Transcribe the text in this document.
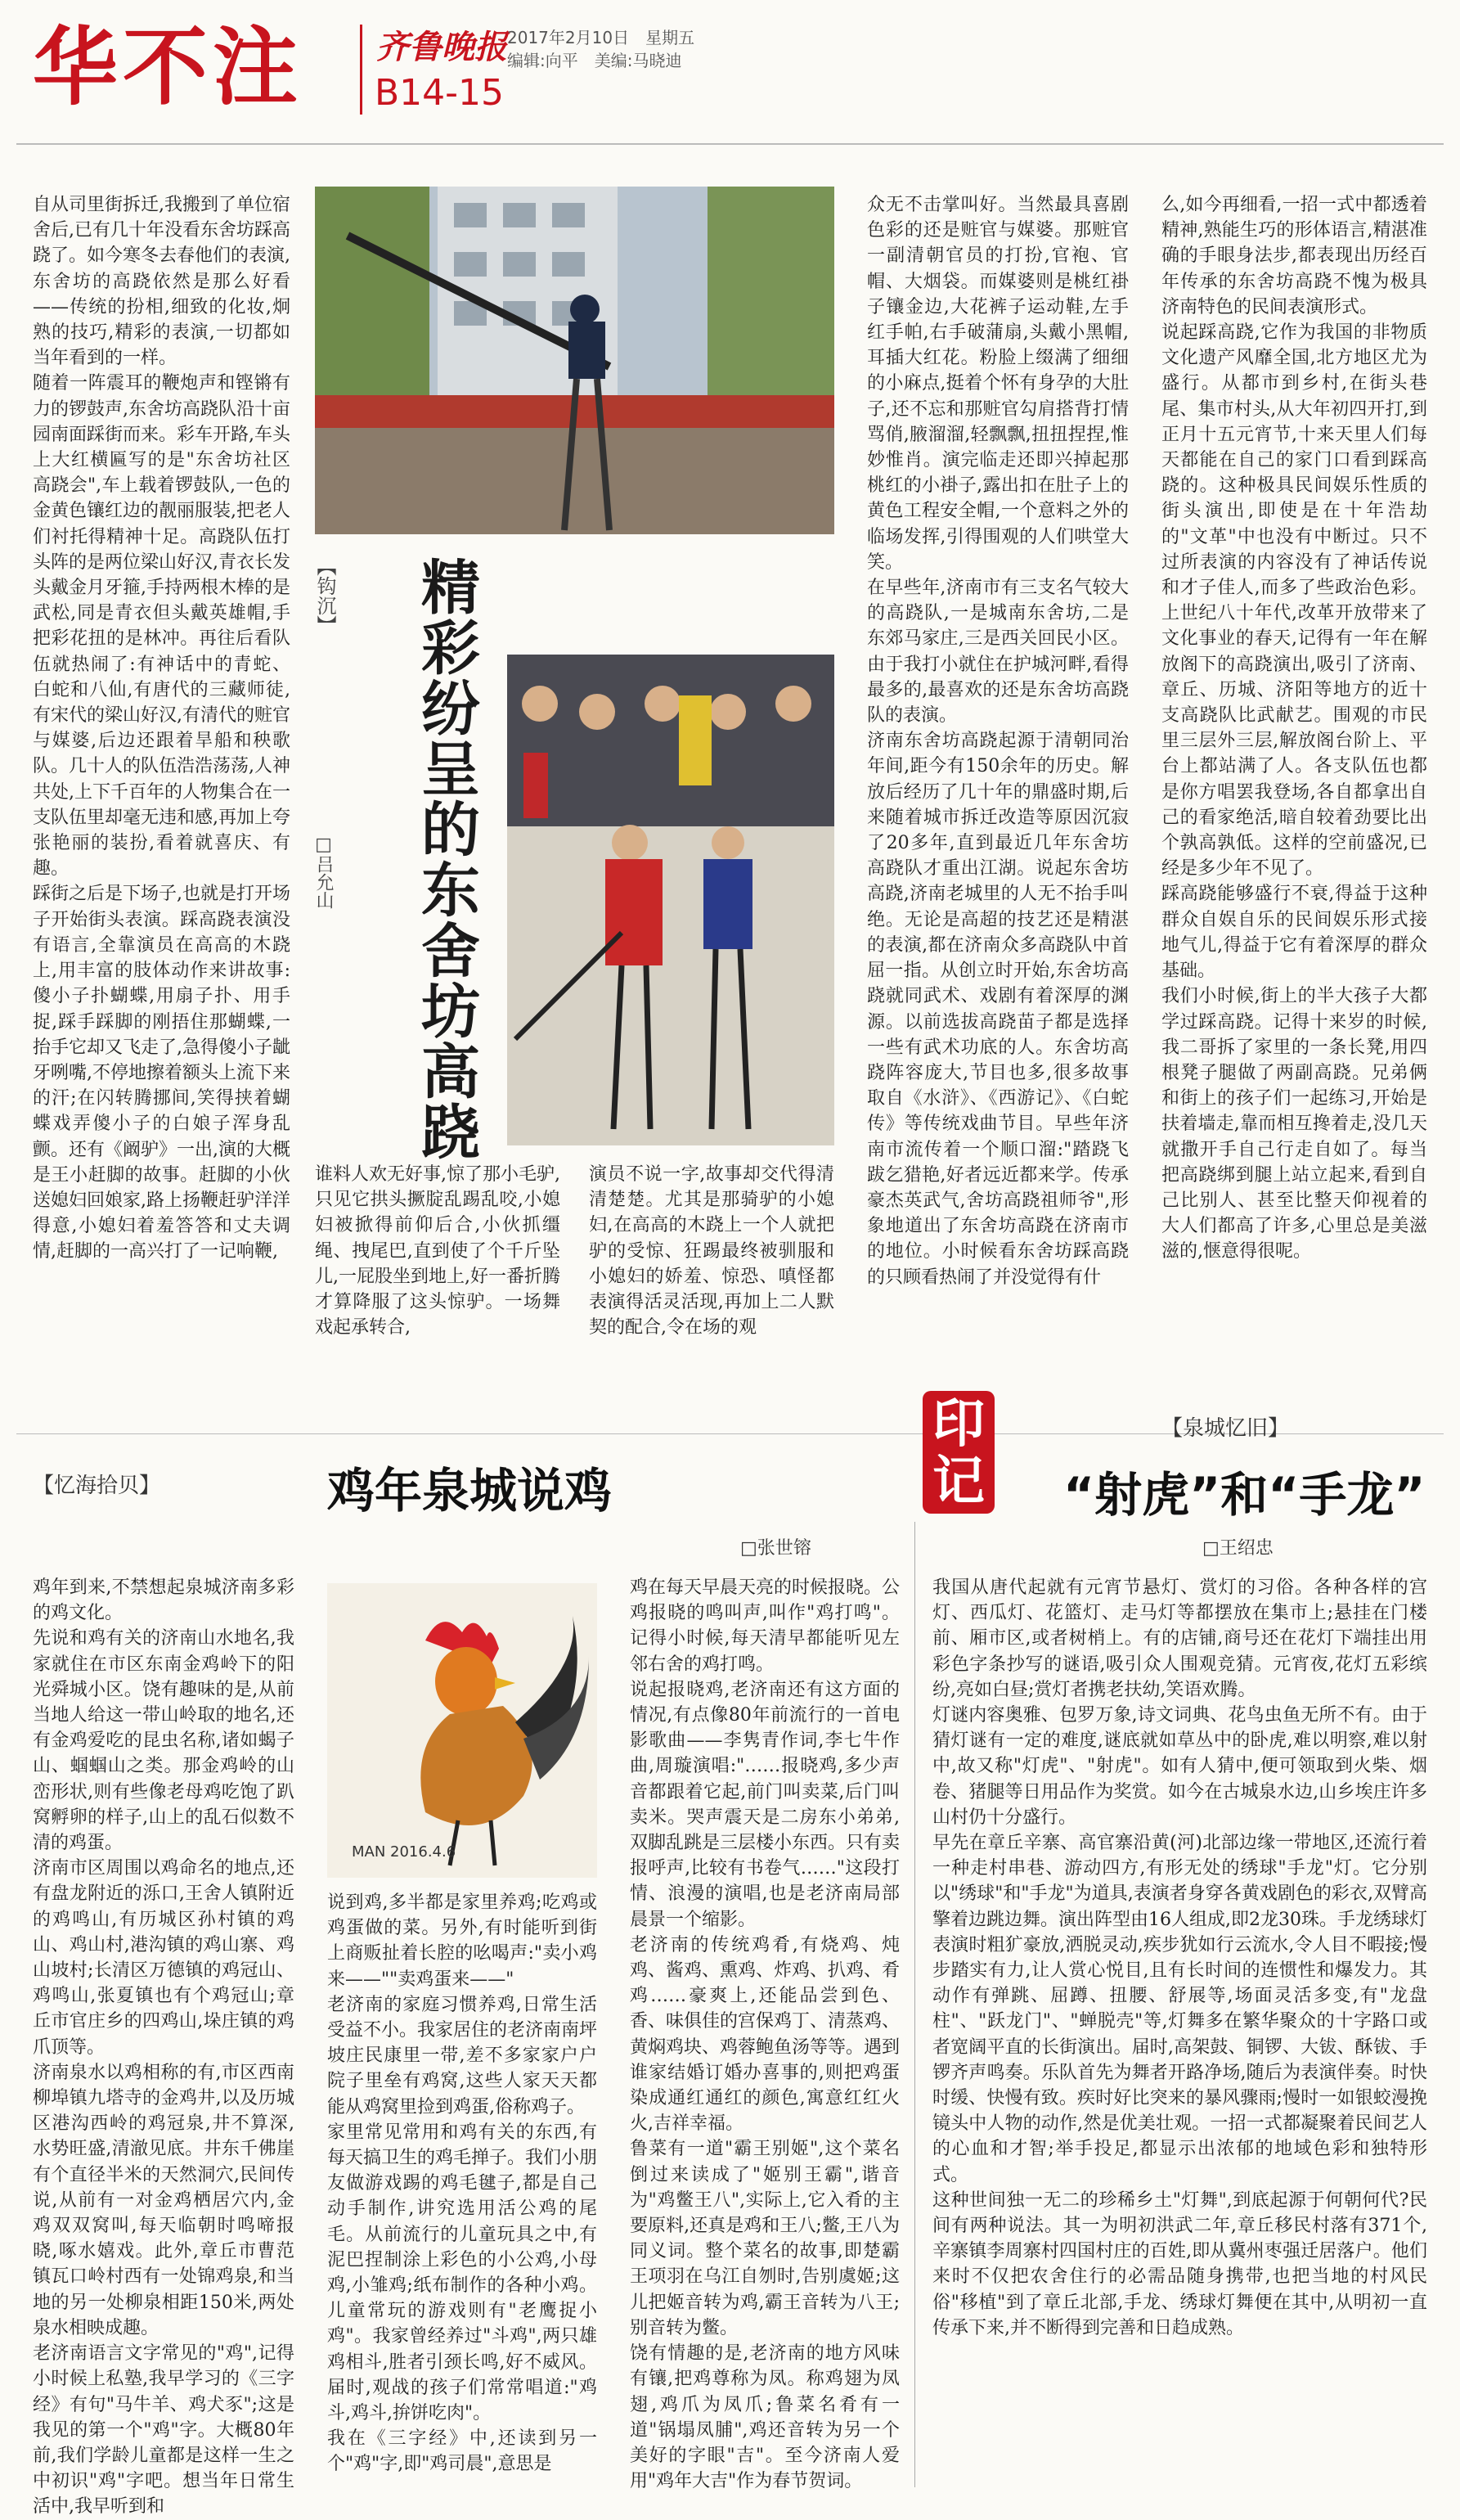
华不注 齐鲁晚报
B14-15
2017年2月10日 星期五
编辑:向平 美编:马晓迪
自从司里街拆迁,我搬到了单位宿舍后,已有几十年没看东舍坊踩高跷了。如今寒冬去春他们的表演,东舍坊的高跷依然是那么好看——传统的扮相,细致的化妆,炯熟的技巧,精彩的表演,一切都如当年看到的一样。
随着一阵震耳的鞭炮声和铿锵有力的锣鼓声,东舍坊高跷队沿十亩园南面踩街而来。彩车开路,车头上大红横匾写的是"东舍坊社区高跷会",车上载着锣鼓队,一色的金黄色镶红边的靓丽服装,把老人们衬托得精神十足。高跷队伍打头阵的是两位梁山好汉,青衣长发头戴金月牙箍,手持两根木棒的是武松,同是青衣但头戴英雄帽,手把彩花扭的是林冲。再往后看队伍就热闹了:有神话中的青蛇、白蛇和八仙,有唐代的三藏师徒,有宋代的梁山好汉,有清代的赃官与媒婆,后边还跟着旱船和秧歌队。几十人的队伍浩浩荡荡,人神共处,上下千百年的人物集合在一支队伍里却毫无违和感,再加上夸张艳丽的装扮,看着就喜庆、有趣。
踩街之后是下场子,也就是打开场子开始街头表演。踩高跷表演没有语言,全靠演员在高高的木跷上,用丰富的肢体动作来讲故事:傻小子扑蝴蝶,用扇子扑、用手捉,踩手踩脚的刚捂住那蝴蝶,一抬手它却又飞走了,急得傻小子龇牙咧嘴,不停地擦着额头上流下来的汗;在闪转腾挪间,笑得挟着蝴蝶戏弄傻小子的白娘子浑身乱颤。还有《阚驴》一出,演的大概是王小赶脚的故事。赶脚的小伙送媳妇回娘家,路上扬鞭赶驴洋洋得意,小媳妇着羞答答和丈夫调情,赶脚的一高兴打了一记响鞭,
【钩沉】
□吕允山	精彩纷呈的东舍坊高跷
谁料人欢无好事,惊了那小毛驴,只见它拱头撅腚乱踢乱咬,小媳妇被掀得前仰后合,小伙抓缰绳、拽尾巴,直到使了个千斤坠儿,一屁股坐到地上,好一番折腾才算降服了这头惊驴。一场舞戏起承转合,
演员不说一字,故事却交代得清清楚楚。尤其是那骑驴的小媳妇,在高高的木跷上一个人就把驴的受惊、狂踢最终被驯服和小媳妇的娇羞、惊恐、嗔怪都表演得活灵活现,再加上二人默契的配合,令在场的观
众无不击掌叫好。当然最具喜剧色彩的还是赃官与媒婆。那赃官一副清朝官员的打扮,官袍、官帽、大烟袋。而媒婆则是桃红褂子镶金边,大花裤子运动鞋,左手红手帕,右手破蒲扇,头戴小黑帽,耳插大红花。粉脸上缀满了细细的小麻点,挺着个怀有身孕的大肚子,还不忘和那赃官勾肩搭背打情骂俏,腋溜溜,轻飘飘,扭扭捏捏,惟妙惟肖。演完临走还即兴掉起那桃红的小褂子,露出扣在肚子上的黄色工程安全帽,一个意料之外的临场发挥,引得围观的人们哄堂大笑。
在早些年,济南市有三支名气较大的高跷队,一是城南东舍坊,二是东郊马家庄,三是西关回民小区。由于我打小就住在护城河畔,看得最多的,最喜欢的还是东舍坊高跷队的表演。
济南东舍坊高跷起源于清朝同治年间,距今有150余年的历史。解放后经历了几十年的鼎盛时期,后来随着城市拆迁改造等原因沉寂了20多年,直到最近几年东舍坊高跷队才重出江湖。说起东舍坊高跷,济南老城里的人无不抬手叫绝。无论是高超的技艺还是精湛的表演,都在济南众多高跷队中首屈一指。从创立时开始,东舍坊高跷就同武术、戏剧有着深厚的渊源。以前选拔高跷苗子都是选择一些有武术功底的人。东舍坊高跷阵容庞大,节目也多,很多故事取自《水浒》、《西游记》、《白蛇传》等传统戏曲节目。早些年济南市流传着一个顺口溜:"踏跷飞跋乞猎艳,好者远近都来学。传承豪杰英武气,舍坊高跷祖师爷",形象地道出了东舍坊高跷在济南市的地位。小时候看东舍坊踩高跷的只顾看热闹了并没觉得有什
么,如今再细看,一招一式中都透着精神,熟能生巧的形体语言,精湛准确的手眼身法步,都表现出历经百年传承的东舍坊高跷不愧为极具济南特色的民间表演形式。
说起踩高跷,它作为我国的非物质文化遗产风靡全国,北方地区尤为盛行。从都市到乡村,在街头巷尾、集市村头,从大年初四开打,到正月十五元宵节,十来天里人们每天都能在自己的家门口看到踩高跷的。这种极具民间娱乐性质的街头演出,即使是在十年浩劫的"文革"中也没有中断过。只不过所表演的内容没有了神话传说和才子佳人,而多了些政治色彩。上世纪八十年代,改革开放带来了文化事业的春天,记得有一年在解放阁下的高跷演出,吸引了济南、章丘、历城、济阳等地方的近十支高跷队比武献艺。围观的市民里三层外三层,解放阁台阶上、平台上都站满了人。各支队伍也都是你方唱罢我登场,各自都拿出自己的看家绝活,暗自较着劲要比出个孰高孰低。这样的空前盛况,已经是多少年不见了。
踩高跷能够盛行不衰,得益于这种群众自娱自乐的民间娱乐形式接地气儿,得益于它有着深厚的群众基础。
我们小时候,街上的半大孩子大都学过踩高跷。记得十来岁的时候,我二哥拆了家里的一条长凳,用四根凳子腿做了两副高跷。兄弟俩和街上的孩子们一起练习,开始是扶着墙走,靠而相互搀着走,没几天就撒开手自己行走自如了。每当把高跷绑到腿上站立起来,看到自己比别人、甚至比整天仰视着的大人们都高了许多,心里总是美滋滋的,惬意得很呢。
【忆海拾贝】	鸡年泉城说鸡
□张世镕
鸡年到来,不禁想起泉城济南多彩的鸡文化。
先说和鸡有关的济南山水地名,我家就住在市区东南金鸡岭下的阳光舜城小区。饶有趣味的是,从前当地人给这一带山岭取的地名,还有金鸡爱吃的昆虫名称,诸如蝎子山、蝈蝈山之类。那金鸡岭的山峦形状,则有些像老母鸡吃饱了趴窝孵卵的样子,山上的乱石似数不清的鸡蛋。
济南市区周围以鸡命名的地点,还有盘龙附近的泺口,王舍人镇附近的鸡鸣山,有历城区孙村镇的鸡山、鸡山村,港沟镇的鸡山寨、鸡山坡村;长清区万德镇的鸡冠山、鸡鸣山,张夏镇也有个鸡冠山;章丘市官庄乡的四鸡山,垛庄镇的鸡爪顶等。
济南泉水以鸡相称的有,市区西南柳埠镇九塔寺的金鸡井,以及历城区港沟西岭的鸡冠泉,井不算深,水势旺盛,清澈见底。井东千佛崖有个直径半米的天然洞穴,民间传说,从前有一对金鸡栖居穴内,金鸡双双窝叫,每天临朝时鸣啼报晓,啄水嬉戏。此外,章丘市曹范镇瓦口岭村西有一处锦鸡泉,和当地的另一处柳泉相距150米,两处泉水相映成趣。
老济南语言文字常见的"鸡",记得小时候上私塾,我早学习的《三字经》有句"马牛羊、鸡犬豕";这是我见的第一个"鸡"字。大概80年前,我们学龄儿童都是这样一生之中初识"鸡"字吧。想当年日常生活中,我早听到和
MAN 2016.4.6
说到鸡,多半都是家里养鸡;吃鸡或鸡蛋做的菜。另外,有时能听到街上商贩扯着长腔的吆喝声:"卖小鸡来——""卖鸡蛋来——"
老济南的家庭习惯养鸡,日常生活受益不小。我家居住的老济南南坪坡庄民康里一带,差不多家家户户院子里垒有鸡窝,这些人家天天都能从鸡窝里捡到鸡蛋,俗称鸡子。
家里常见常用和鸡有关的东西,有每天搞卫生的鸡毛掸子。我们小朋友做游戏踢的鸡毛毽子,都是自己动手制作,讲究选用活公鸡的尾毛。从前流行的儿童玩具之中,有泥巴捏制涂上彩色的小公鸡,小母鸡,小雏鸡;纸布制作的各种小鸡。儿童常玩的游戏则有"老鹰捉小鸡"。我家曾经养过"斗鸡",两只雄鸡相斗,胜者引颈长鸣,好不威风。届时,观战的孩子们常常唱道:"鸡斗,鸡斗,拚饼吃肉"。
我在《三字经》中,还读到另一个"鸡"字,即"鸡司晨",意思是
鸡在每天早晨天亮的时候报晓。公鸡报晓的鸣叫声,叫作"鸡打鸣"。记得小时候,每天清早都能听见左邻右舍的鸡打鸣。
说起报晓鸡,老济南还有这方面的情况,有点像80年前流行的一首电影歌曲——李隽青作词,李七牛作曲,周璇演唱:"……报晓鸡,多少声音都跟着它起,前门叫卖菜,后门叫卖米。哭声震天是二房东小弟弟,双脚乱跳是三层楼小东西。只有卖报呼声,比较有书卷气……"这段打情、浪漫的演唱,也是老济南局部晨景一个缩影。
老济南的传统鸡肴,有烧鸡、炖鸡、酱鸡、熏鸡、炸鸡、扒鸡、肴鸡……豪爽上,还能品尝到色、香、味俱佳的宫保鸡丁、清蒸鸡、黄焖鸡块、鸡蓉鲍鱼汤等等。遇到谁家结婚订婚办喜事的,则把鸡蛋染成通红通红的颜色,寓意红红火火,吉祥幸福。
鲁菜有一道"霸王别姬",这个菜名倒过来读成了"姬别王霸",谐音为"鸡鳖王八",实际上,它入肴的主要原料,还真是鸡和王八;鳖,王八为同义词。整个菜名的故事,即楚霸王项羽在乌江自刎时,告别虞姬;这儿把姬音转为鸡,霸王音转为八王;别音转为鳖。
饶有情趣的是,老济南的地方风味有镶,把鸡尊称为凤。称鸡翅为凤翅,鸡爪为凤爪;鲁菜名肴有一道"锅塌凤脯",鸡还音转为另一个美好的字眼"吉"。至今济南人爱用"鸡年大吉"作为春节贺词。
印记
【泉城忆旧】
“射虎”和“手龙”
□王绍忠
我国从唐代起就有元宵节悬灯、赏灯的习俗。各种各样的宫灯、西瓜灯、花篮灯、走马灯等都摆放在集市上;悬挂在门楼前、厢市区,或者树梢上。有的店铺,商号还在花灯下端挂出用彩色字条抄写的谜语,吸引众人围观竞猜。元宵夜,花灯五彩缤纷,亮如白昼;赏灯者携老扶幼,笑语欢腾。
灯谜内容奥雅、包罗万象,诗文词典、花鸟虫鱼无所不有。由于猜灯谜有一定的难度,谜底就如草丛中的卧虎,难以明察,难以射中,故又称"灯虎"、"射虎"。如有人猜中,便可领取到火柴、烟卷、猪腿等日用品作为奖赏。如今在古城泉水边,山乡埃庄许多山村仍十分盛行。
早先在章丘辛寨、高官寨沿黄(河)北部边缘一带地区,还流行着一种走村串巷、游动四方,有形无处的绣球"手龙"灯。它分别以"绣球"和"手龙"为道具,表演者身穿各黄戏剧色的彩衣,双臂高擎着边跳边舞。演出阵型由16人组成,即2龙30珠。手龙绣球灯表演时粗犷豪放,洒脱灵动,疾步犹如行云流水,令人目不暇接;慢步踏实有力,让人赏心悦目,且有长时间的连惯性和爆发力。其动作有弹跳、屈蹲、扭腰、舒展等,场面灵活多变,有"龙盘柱"、"跃龙门"、"蝉脱壳"等,灯舞多在繁华聚众的十字路口或者宽阔平直的长街演出。届时,高架鼓、铜锣、大钹、酥钹、手锣齐声鸣奏。乐队首先为舞者开路净场,随后为表演伴奏。时快时缓、快慢有致。疾时好比突来的暴风骤雨;慢时一如银蛟漫挽镜头中人物的动作,然是优美壮观。一招一式都凝聚着民间艺人的心血和才智;举手投足,都显示出浓郁的地域色彩和独特形式。
这种世间独一无二的珍稀乡土"灯舞",到底起源于何朝何代?民间有两种说法。其一为明初洪武二年,章丘移民村落有371个,辛寨镇李周寨村四国村庄的百姓,即从冀州枣强迁居落户。他们来时不仅把农舍住行的必需品随身携带,也把当地的村风民俗"移植"到了章丘北部,手龙、绣球灯舞便在其中,从明初一直传承下来,并不断得到完善和日趋成熟。
